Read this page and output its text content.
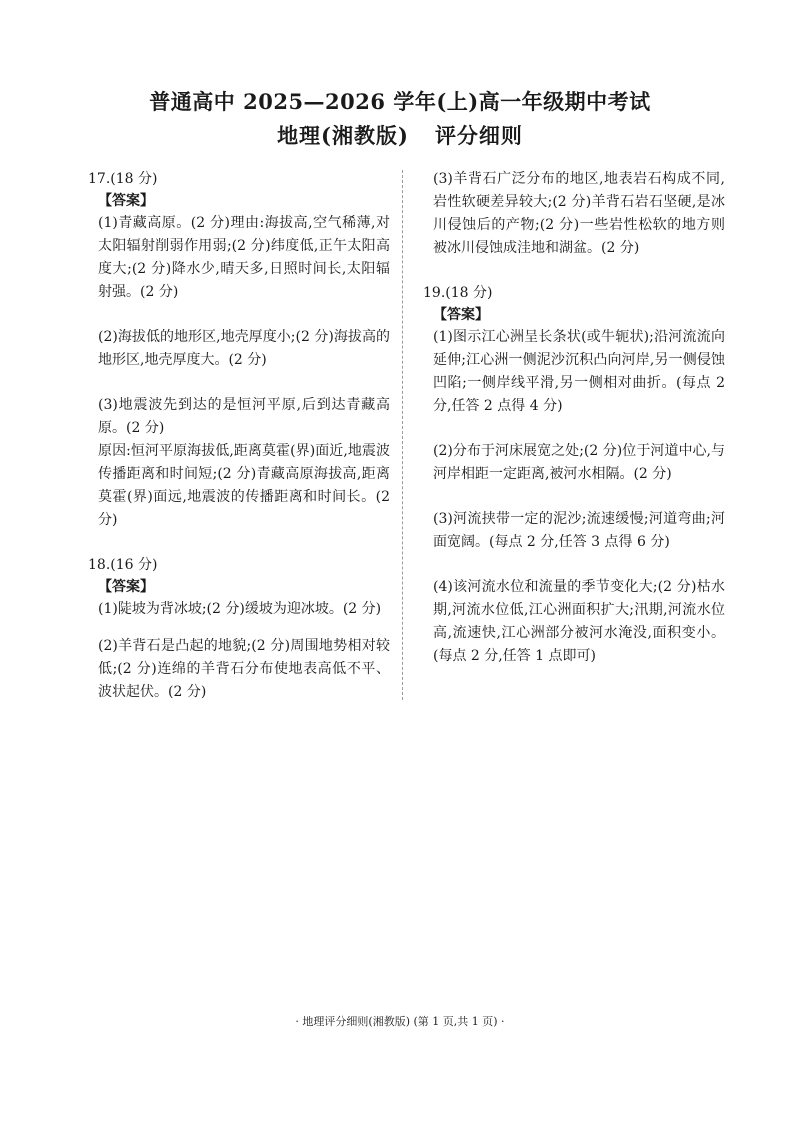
普通高中 2025—2026 学年(上)高一年级期中考试
地理(湘教版) 评分细则

17.(18 分)

【答案】

(1)青藏高原。(2 分)理由:海拔高,空气稀薄,对太阳辐射削弱作用弱;(2 分)纬度低,正午太阳高度大;(2 分)降水少,晴天多,日照时间长,太阳辐射强。(2 分)

(2)海拔低的地形区,地壳厚度小;(2 分)海拔高的地形区,地壳厚度大。(2 分)

(3)地震波先到达的是恒河平原,后到达青藏高原。(2 分)

原因:恒河平原海拔低,距离莫霍(界)面近,地震波传播距离和时间短;(2 分)青藏高原海拔高,距离莫霍(界)面远,地震波的传播距离和时间长。(2 分)

18.(16 分)

【答案】

(1)陡坡为背冰坡;(2 分)缓坡为迎冰坡。(2 分)

(2)羊背石是凸起的地貌;(2 分)周围地势相对较低;(2 分)连绵的羊背石分布使地表高低不平、波状起伏。(2 分)

(3)羊背石广泛分布的地区,地表岩石构成不同,岩性软硬差异较大;(2 分)羊背石岩石坚硬,是冰川侵蚀后的产物;(2 分)一些岩性松软的地方则被冰川侵蚀成洼地和湖盆。(2 分)

19.(18 分)

【答案】

(1)图示江心洲呈长条状(或牛轭状);沿河流流向延伸;江心洲一侧泥沙沉积凸向河岸,另一侧侵蚀凹陷;一侧岸线平滑,另一侧相对曲折。(每点 2 分,任答 2 点得 4 分)

(2)分布于河床展宽之处;(2 分)位于河道中心,与河岸相距一定距离,被河水相隔。(2 分)

(3)河流挟带一定的泥沙;流速缓慢;河道弯曲;河面宽阔。(每点 2 分,任答 3 点得 6 分)

(4)该河流水位和流量的季节变化大;(2 分)枯水期,河流水位低,江心洲面积扩大;汛期,河流水位高,流速快,江心洲部分被河水淹没,面积变小。(每点 2 分,任答 1 点即可)

· 地理评分细则(湘教版) (第 1 页,共 1 页) ·
